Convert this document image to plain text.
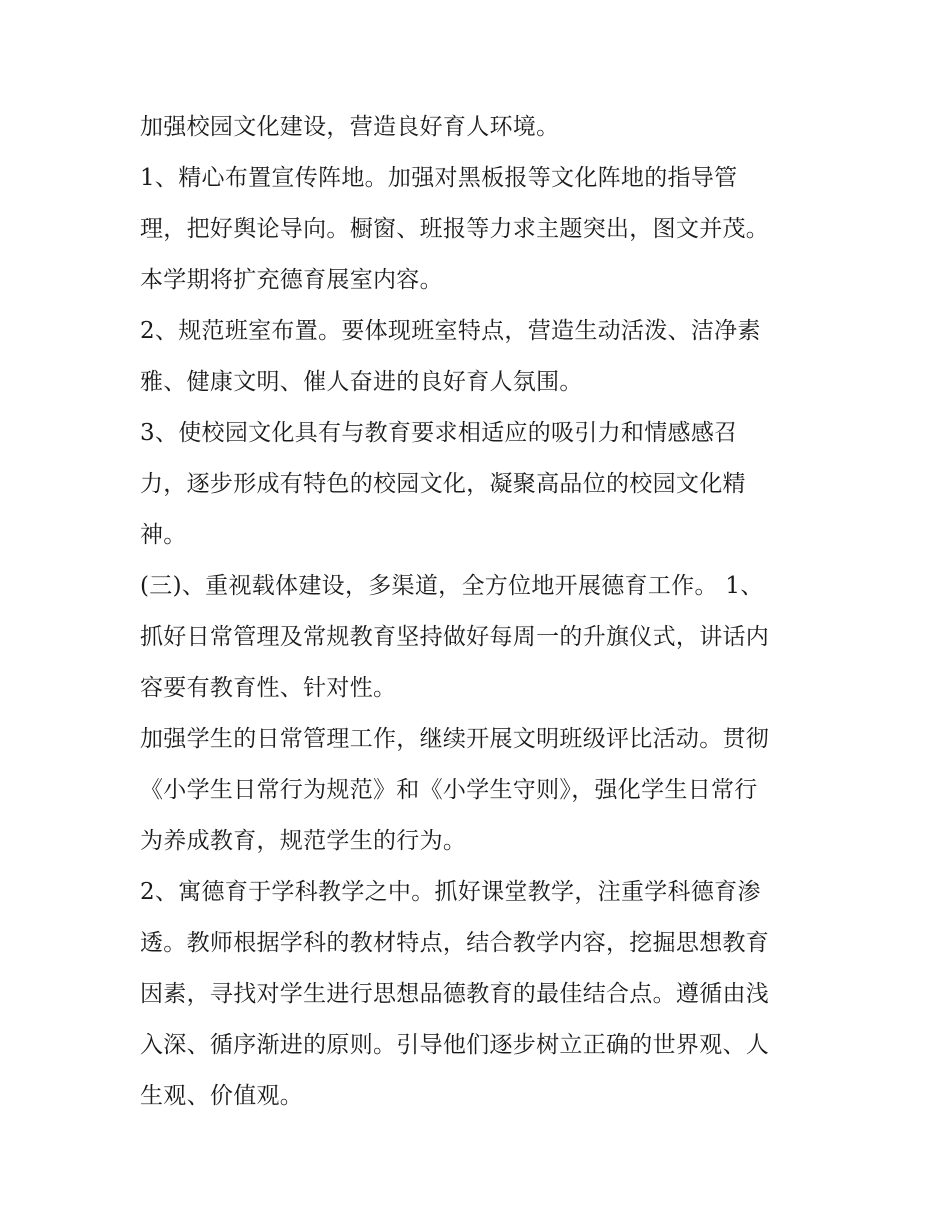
加强校园文化建设，营造良好育人环境。
1、精心布置宣传阵地。加强对黑板报等文化阵地的指导管
理，把好舆论导向。橱窗、班报等力求主题突出，图文并茂。
本学期将扩充德育展室内容。
2、规范班室布置。要体现班室特点，营造生动活泼、洁净素
雅、健康文明、催人奋进的良好育人氛围。
3、使校园文化具有与教育要求相适应的吸引力和情感感召
力，逐步形成有特色的校园文化，凝聚高品位的校园文化精
神。
(三)、重视载体建设，多渠道，全方位地开展德育工作。 1、
抓好日常管理及常规教育坚持做好每周一的升旗仪式，讲话内
容要有教育性、针对性。
加强学生的日常管理工作，继续开展文明班级评比活动。贯彻
《小学生日常行为规范》和《小学生守则》，强化学生日常行
为养成教育，规范学生的行为。
2、寓德育于学科教学之中。抓好课堂教学，注重学科德育渗
透。教师根据学科的教材特点，结合教学内容，挖掘思想教育
因素，寻找对学生进行思想品德教育的最佳结合点。遵循由浅
入深、循序渐进的原则。引导他们逐步树立正确的世界观、人
生观、价值观。
